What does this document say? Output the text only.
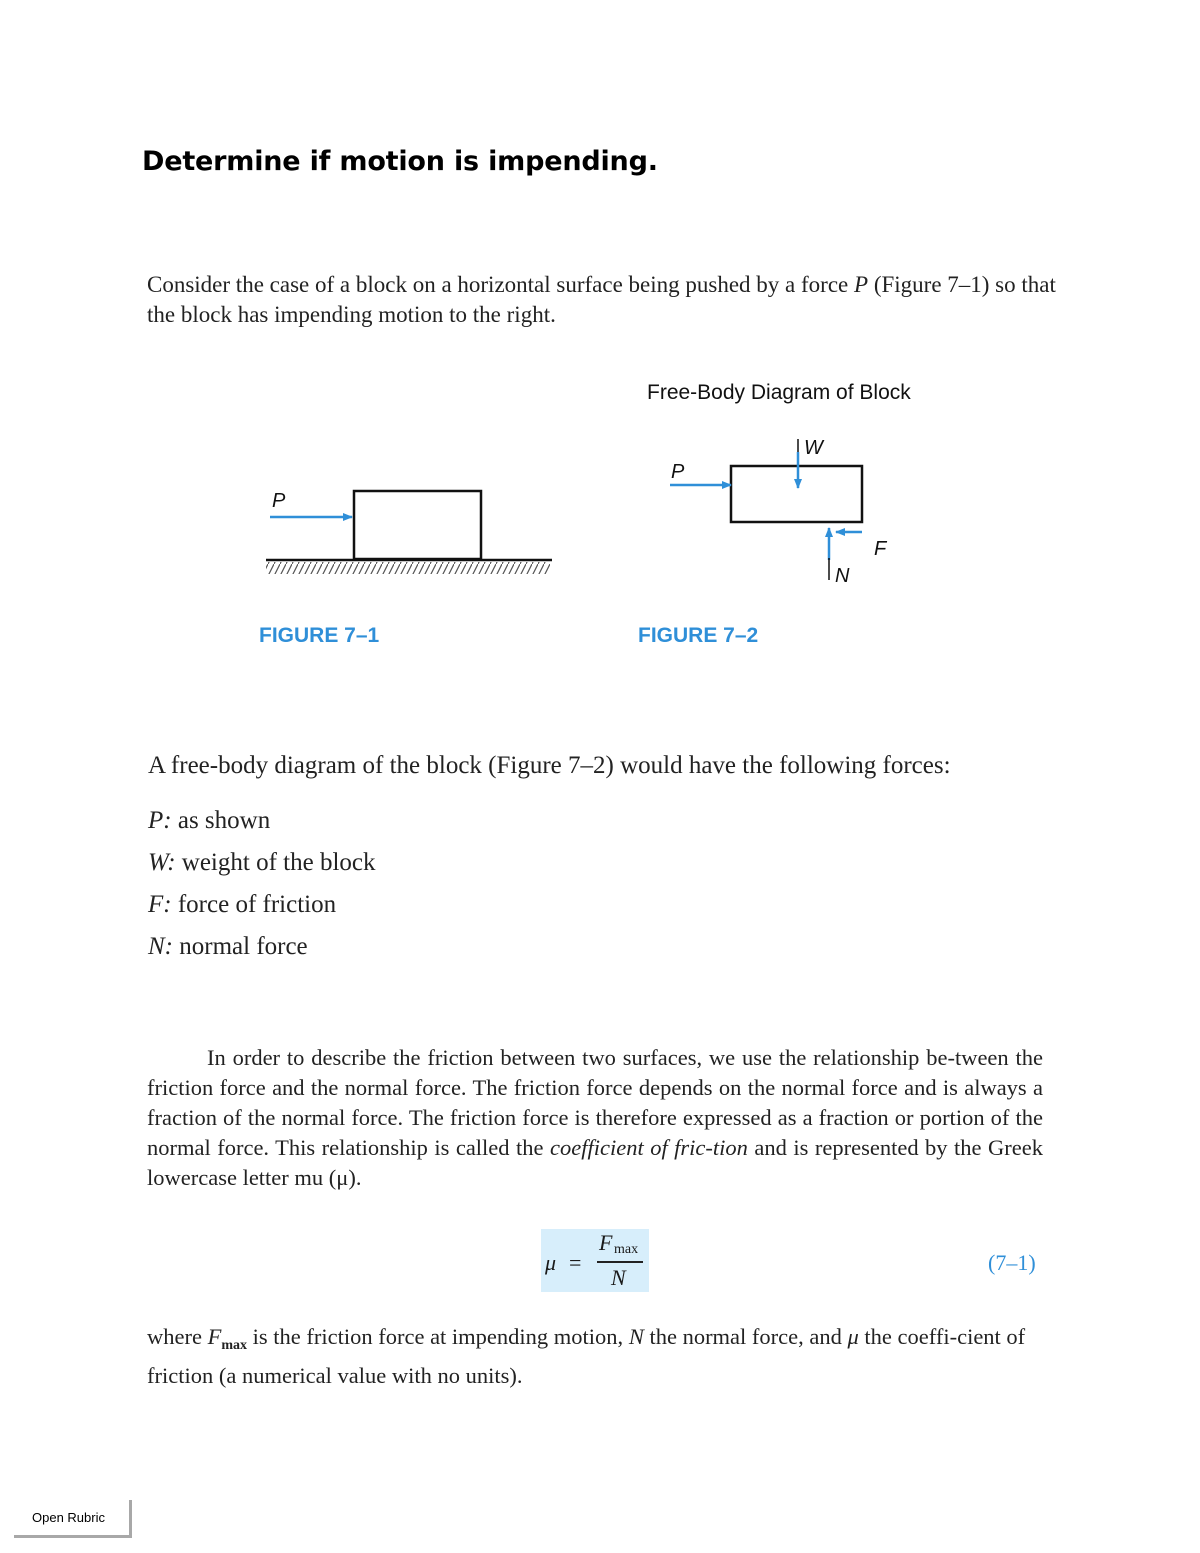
Determine if motion is impending.
Consider the case of a block on a horizontal surface being pushed by a force P (Figure 7–1) so that the block has impending motion to the right.
P
FIGURE 7–1
Free-Body Diagram of Block
P
W
F
N
FIGURE 7–2
A free-body diagram of the block (Figure 7–2) would have the following forces:
P: as shown
W: weight of the block
F: force of friction
N: normal force
In order to describe the friction between two surfaces, we use the relationship be-tween the friction force and the normal force. The friction force depends on the normal force and is always a fraction of the normal force. The friction force is therefore expressed as a fraction or portion of the normal force. This relationship is called the coefficient of fric-tion and is represented by the Greek lowercase letter mu (μ).
μ =
F max
N
(7–1)
where $F_{max}$ is the friction force at impending motion, N the normal force, and μ the coeffi-cient of friction (a numerical value with no units).
Open Rubric
